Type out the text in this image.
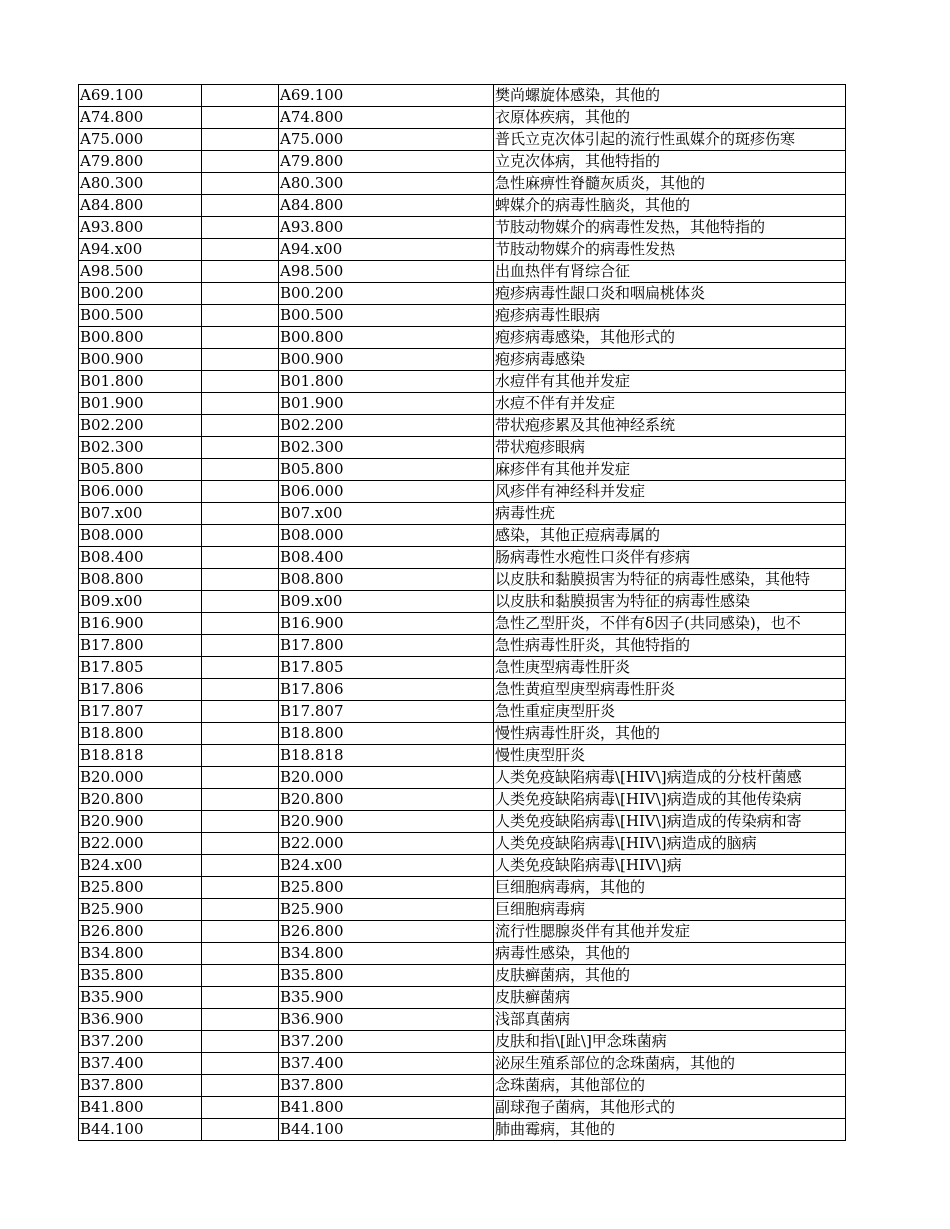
A69.100		A69.100	樊尚螺旋体感染，其他的
A74.800		A74.800	衣原体疾病，其他的
A75.000		A75.000	普氏立克次体引起的流行性虱媒介的斑疹伤寒
A79.800		A79.800	立克次体病，其他特指的
A80.300		A80.300	急性麻痹性脊髓灰质炎，其他的
A84.800		A84.800	蜱媒介的病毒性脑炎，其他的
A93.800		A93.800	节肢动物媒介的病毒性发热，其他特指的
A94.x00		A94.x00	节肢动物媒介的病毒性发热
A98.500		A98.500	出血热伴有肾综合征
B00.200		B00.200	疱疹病毒性龈口炎和咽扁桃体炎
B00.500		B00.500	疱疹病毒性眼病
B00.800		B00.800	疱疹病毒感染，其他形式的
B00.900		B00.900	疱疹病毒感染
B01.800		B01.800	水痘伴有其他并发症
B01.900		B01.900	水痘不伴有并发症
B02.200		B02.200	带状疱疹累及其他神经系统
B02.300		B02.300	带状疱疹眼病
B05.800		B05.800	麻疹伴有其他并发症
B06.000		B06.000	风疹伴有神经科并发症
B07.x00		B07.x00	病毒性疣
B08.000		B08.000	感染，其他正痘病毒属的
B08.400		B08.400	肠病毒性水疱性口炎伴有疹病
B08.800		B08.800	以皮肤和黏膜损害为特征的病毒性感染，其他特
B09.x00		B09.x00	以皮肤和黏膜损害为特征的病毒性感染
B16.900		B16.900	急性乙型肝炎，不伴有δ因子(共同感染)，也不
B17.800		B17.800	急性病毒性肝炎，其他特指的
B17.805		B17.805	急性庚型病毒性肝炎
B17.806		B17.806	急性黄疸型庚型病毒性肝炎
B17.807		B17.807	急性重症庚型肝炎
B18.800		B18.800	慢性病毒性肝炎，其他的
B18.818		B18.818	慢性庚型肝炎
B20.000		B20.000	人类免疫缺陷病毒\[HIV\]病造成的分枝杆菌感
B20.800		B20.800	人类免疫缺陷病毒\[HIV\]病造成的其他传染病
B20.900		B20.900	人类免疫缺陷病毒\[HIV\]病造成的传染病和寄
B22.000		B22.000	人类免疫缺陷病毒\[HIV\]病造成的脑病
B24.x00		B24.x00	人类免疫缺陷病毒\[HIV\]病
B25.800		B25.800	巨细胞病毒病，其他的
B25.900		B25.900	巨细胞病毒病
B26.800		B26.800	流行性腮腺炎伴有其他并发症
B34.800		B34.800	病毒性感染，其他的
B35.800		B35.800	皮肤癣菌病，其他的
B35.900		B35.900	皮肤癣菌病
B36.900		B36.900	浅部真菌病
B37.200		B37.200	皮肤和指\[趾\]甲念珠菌病
B37.400		B37.400	泌尿生殖系部位的念珠菌病，其他的
B37.800		B37.800	念珠菌病，其他部位的
B41.800		B41.800	副球孢子菌病，其他形式的
B44.100		B44.100	肺曲霉病，其他的
